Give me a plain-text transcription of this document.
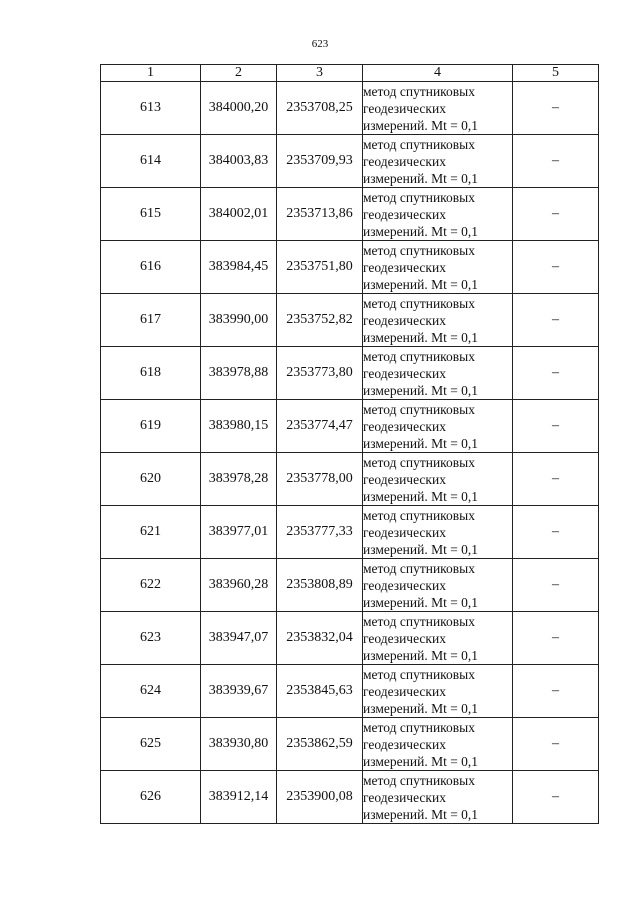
623
1	2	3	4	5
613	384000,20	2353708,25	метод спутниковых
геодезических
измерений. Mt = 0,1	–
614	384003,83	2353709,93	метод спутниковых
геодезических
измерений. Mt = 0,1	–
615	384002,01	2353713,86	метод спутниковых
геодезических
измерений. Mt = 0,1	–
616	383984,45	2353751,80	метод спутниковых
геодезических
измерений. Mt = 0,1	–
617	383990,00	2353752,82	метод спутниковых
геодезических
измерений. Mt = 0,1	–
618	383978,88	2353773,80	метод спутниковых
геодезических
измерений. Mt = 0,1	–
619	383980,15	2353774,47	метод спутниковых
геодезических
измерений. Mt = 0,1	–
620	383978,28	2353778,00	метод спутниковых
геодезических
измерений. Mt = 0,1	–
621	383977,01	2353777,33	метод спутниковых
геодезических
измерений. Mt = 0,1	–
622	383960,28	2353808,89	метод спутниковых
геодезических
измерений. Mt = 0,1	–
623	383947,07	2353832,04	метод спутниковых
геодезических
измерений. Mt = 0,1	–
624	383939,67	2353845,63	метод спутниковых
геодезических
измерений. Mt = 0,1	–
625	383930,80	2353862,59	метод спутниковых
геодезических
измерений. Mt = 0,1	–
626	383912,14	2353900,08	метод спутниковых
геодезических
измерений. Mt = 0,1	–
